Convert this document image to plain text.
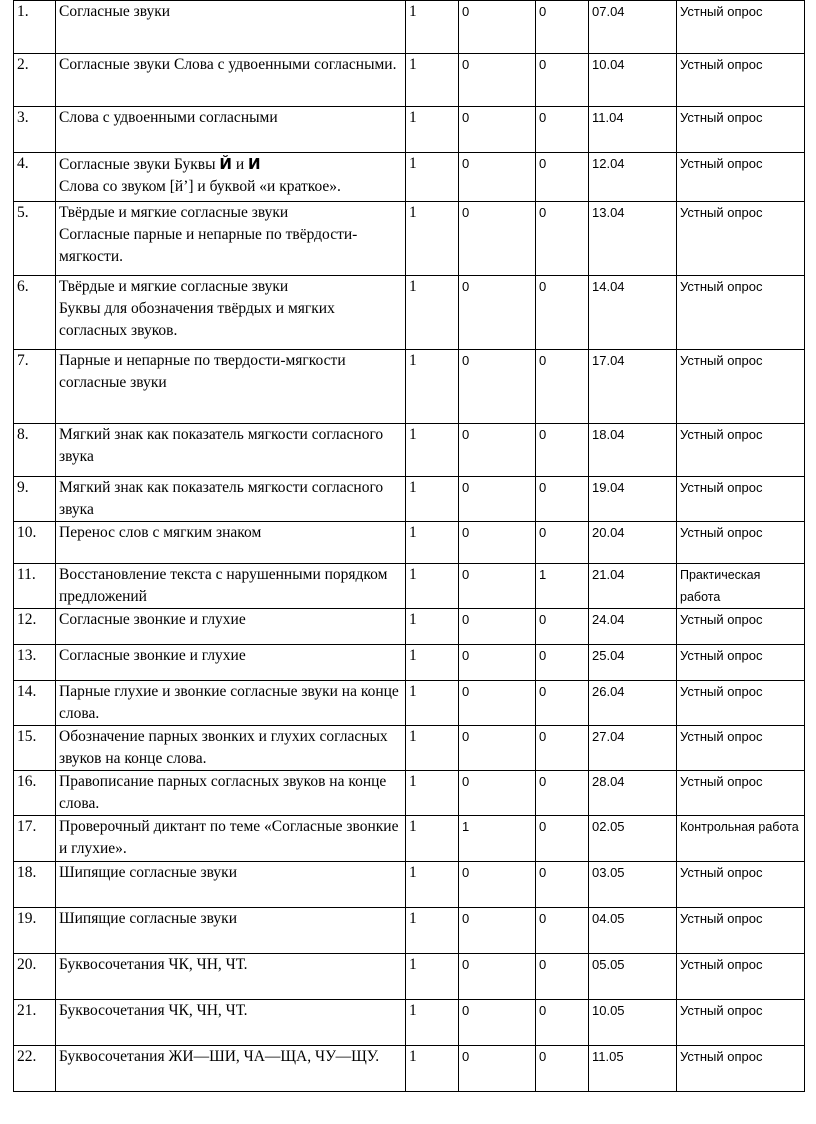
1.	Согласные звуки	1	0	0	07.04	Устный опрос
2.	Согласные звуки Слова с удвоенными согласными.	1	0	0	10.04	Устный опрос
3.	Слова с удвоенными согласными	1	0	0	11.04	Устный опрос
4.	Согласные звуки Буквы Й и И
Слова со звуком [й’] и буквой «и краткое».	1	0	0	12.04	Устный опрос
5.	Твёрдые и мягкие согласные звуки
Согласные парные и непарные по твёрдости-мягкости.	1	0	0	13.04	Устный опрос
6.	Твёрдые и мягкие согласные звуки
Буквы для обозначения твёрдых и мягких согласных звуков.	1	0	0	14.04	Устный опрос
7.	Парные и непарные по твердости-мягкости согласные звуки	1	0	0	17.04	Устный опрос
8.	Мягкий знак как показатель мягкости согласного звука	1	0	0	18.04	Устный опрос
9.	Мягкий знак как показатель мягкости согласного звука	1	0	0	19.04	Устный опрос
10.	Перенос слов с мягким знаком	1	0	0	20.04	Устный опрос
11.	Восстановление текста с нарушенными порядком предложений	1	0	1	21.04	Практическая работа
12.	Согласные звонкие и глухие	1	0	0	24.04	Устный опрос
13.	Согласные звонкие и глухие	1	0	0	25.04	Устный опрос
14.	Парные глухие и звонкие согласные звуки на конце слова.	1	0	0	26.04	Устный опрос
15.	Обозначение парных звонких и глухих согласных звуков на конце слова.	1	0	0	27.04	Устный опрос
16.	Правописание парных согласных звуков на конце слова.	1	0	0	28.04	Устный опрос
17.	Проверочный диктант по теме «Согласные звонкие и глухие».	1	1	0	02.05	Контрольная работа
18.	Шипящие согласные звуки	1	0	0	03.05	Устный опрос
19.	Шипящие согласные звуки	1	0	0	04.05	Устный опрос
20.	Буквосочетания ЧК, ЧН, ЧТ.	1	0	0	05.05	Устный опрос
21.	Буквосочетания ЧК, ЧН, ЧТ.	1	0	0	10.05	Устный опрос
22.	Буквосочетания ЖИ—ШИ, ЧА—ЩА, ЧУ—ЩУ.	1	0	0	11.05	Устный опрос
